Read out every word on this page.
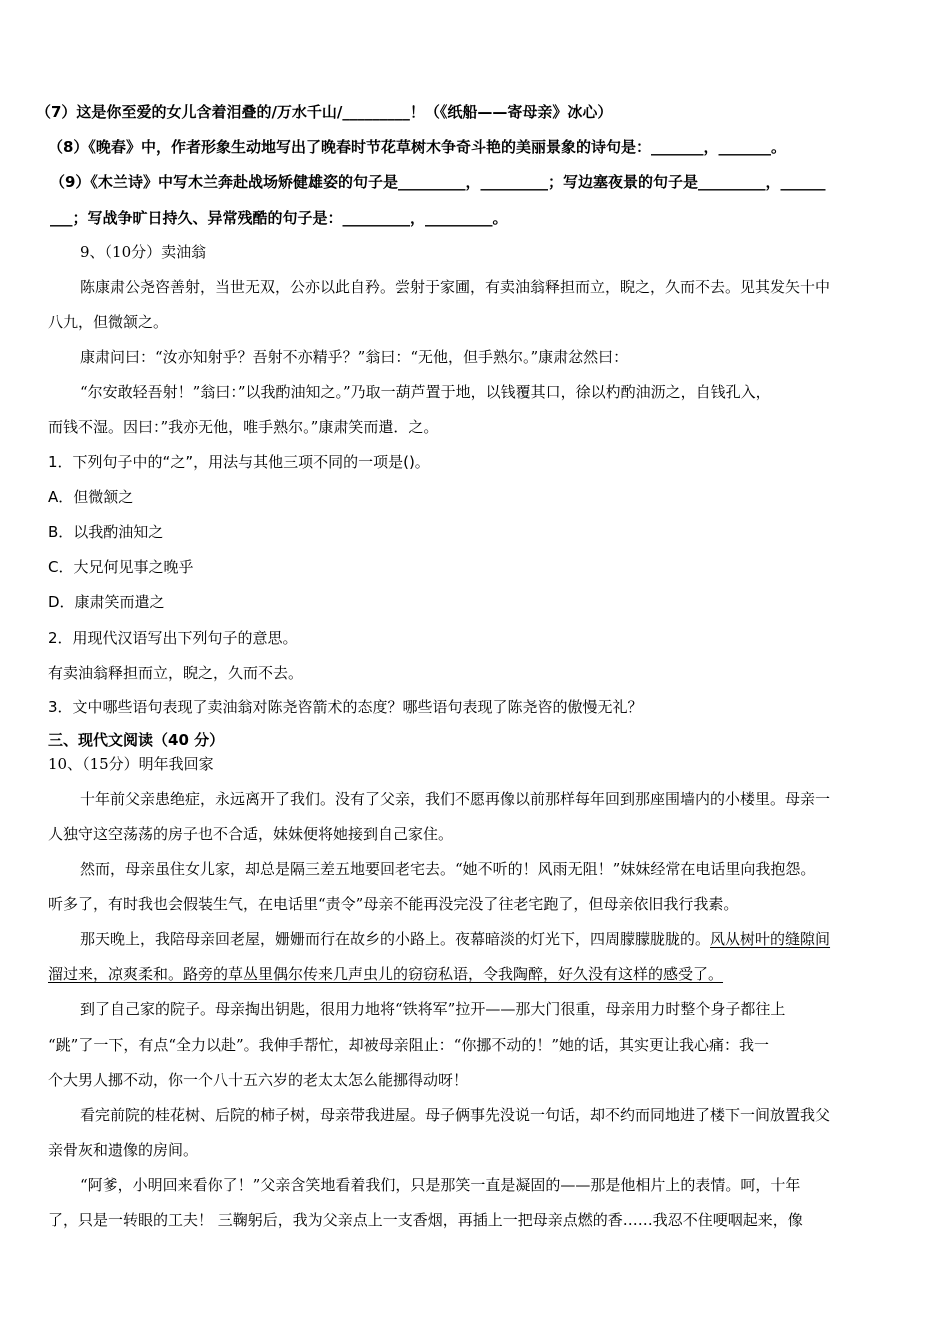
（7）这是你至爱的女儿含着泪叠的/万水千山/_________！（《纸船——寄母亲》冰心）
（8）《晚春》中，作者形象生动地写出了晚春时节花草树木争奇斗艳的美丽景象的诗句是：_______，_______。
（9）《木兰诗》中写木兰奔赴战场矫健雄姿的句子是_________，_________；写边塞夜景的句子是_________，______
___；写战争旷日持久、异常残酷的句子是：_________，_________。
9、（10分）卖油翁
陈康肃公尧咨善射，当世无双，公亦以此自矜。尝射于家圃，有卖油翁释担而立，睨之，久而不去。见其发矢十中
八九，但微颔之。
康肃问曰：“汝亦知射乎？吾射不亦精乎？”翁曰：“无他，但手熟尔。”康肃忿然曰：
“尔安敢轻吾射！”翁曰：”以我酌油知之。”乃取一葫芦置于地，以钱覆其口，徐以杓酌油沥之，自钱孔入，
而钱不湿。因曰：”我亦无他，唯手熟尔。”康肃笑而遣．之。
1．下列句子中的“之”，用法与其他三项不同的一项是()。
A．但微颔之
B．以我酌油知之
C．大兄何见事之晚乎
D．康肃笑而遣之
2．用现代汉语写出下列句子的意思。
有卖油翁释担而立，睨之，久而不去。
3．文中哪些语句表现了卖油翁对陈尧咨箭术的态度？哪些语句表现了陈尧咨的傲慢无礼？
三、现代文阅读（40 分）
10、（15分）明年我回家
十年前父亲患绝症，永远离开了我们。没有了父亲，我们不愿再像以前那样每年回到那座围墙内的小楼里。母亲一
人独守这空荡荡的房子也不合适，妹妹便将她接到自己家住。
然而，母亲虽住女儿家，却总是隔三差五地要回老宅去。“她不听的！风雨无阻！”妹妹经常在电话里向我抱怨。
听多了，有时我也会假装生气，在电话里“责令”母亲不能再没完没了往老宅跑了，但母亲依旧我行我素。
那天晚上，我陪母亲回老屋，姗姗而行在故乡的小路上。夜幕暗淡的灯光下，四周朦朦胧胧的。风从树叶的缝隙间
溜过来，凉爽柔和。路旁的草丛里偶尔传来几声虫儿的窃窃私语，令我陶醉，好久没有这样的感受了。
到了自己家的院子。母亲掏出钥匙，很用力地将“铁将军”拉开——那大门很重，母亲用力时整个身子都往上
“跳”了一下，有点“全力以赴”。我伸手帮忙，却被母亲阻止：“你挪不动的！”她的话，其实更让我心痛：我一
个大男人挪不动，你一个八十五六岁的老太太怎么能挪得动呀！
看完前院的桂花树、后院的柿子树，母亲带我进屋。母子俩事先没说一句话，却不约而同地进了楼下一间放置我父
亲骨灰和遗像的房间。
“阿爹，小明回来看你了！”父亲含笑地看着我们，只是那笑一直是凝固的——那是他相片上的表情。呵，十年
了，只是一转眼的工夫！ 三鞠躬后，我为父亲点上一支香烟，再插上一把母亲点燃的香……我忍不住哽咽起来，像
